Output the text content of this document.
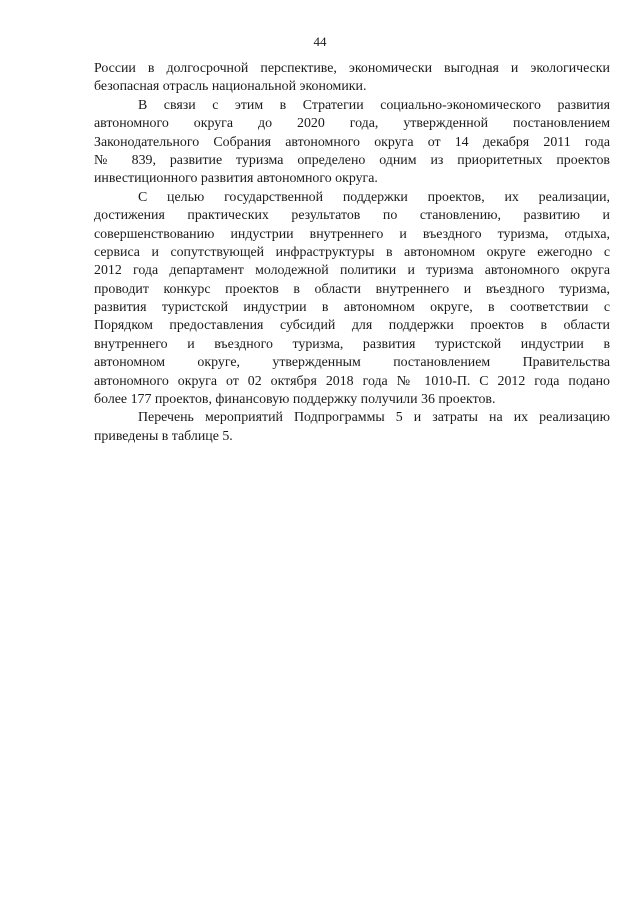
44
России в долгосрочной перспективе, экономически выгодная и экологически
безопасная отрасль национальной экономики.
В связи с этим в Стратегии социально-экономического развития
автономного округа до 2020 года, утвержденной постановлением
Законодательного Собрания автономного округа от 14 декабря 2011 года
№ 839, развитие туризма определено одним из приоритетных проектов
инвестиционного развития автономного округа.
С целью государственной поддержки проектов, их реализации,
достижения практических результатов по становлению, развитию и
совершенствованию индустрии внутреннего и въездного туризма, отдыха,
сервиса и сопутствующей инфраструктуры в автономном округе ежегодно с
2012 года департамент молодежной политики и туризма автономного округа
проводит конкурс проектов в области внутреннего и въездного туризма,
развития туристской индустрии в автономном округе, в соответствии с
Порядком предоставления субсидий для поддержки проектов в области
внутреннего и въездного туризма, развития туристской индустрии в
автономном округе, утвержденным постановлением Правительства
автономного округа от 02 октября 2018 года № 1010-П. С 2012 года подано
более 177 проектов, финансовую поддержку получили 36 проектов.
Перечень мероприятий Подпрограммы 5 и затраты на их реализацию
приведены в таблице 5.
